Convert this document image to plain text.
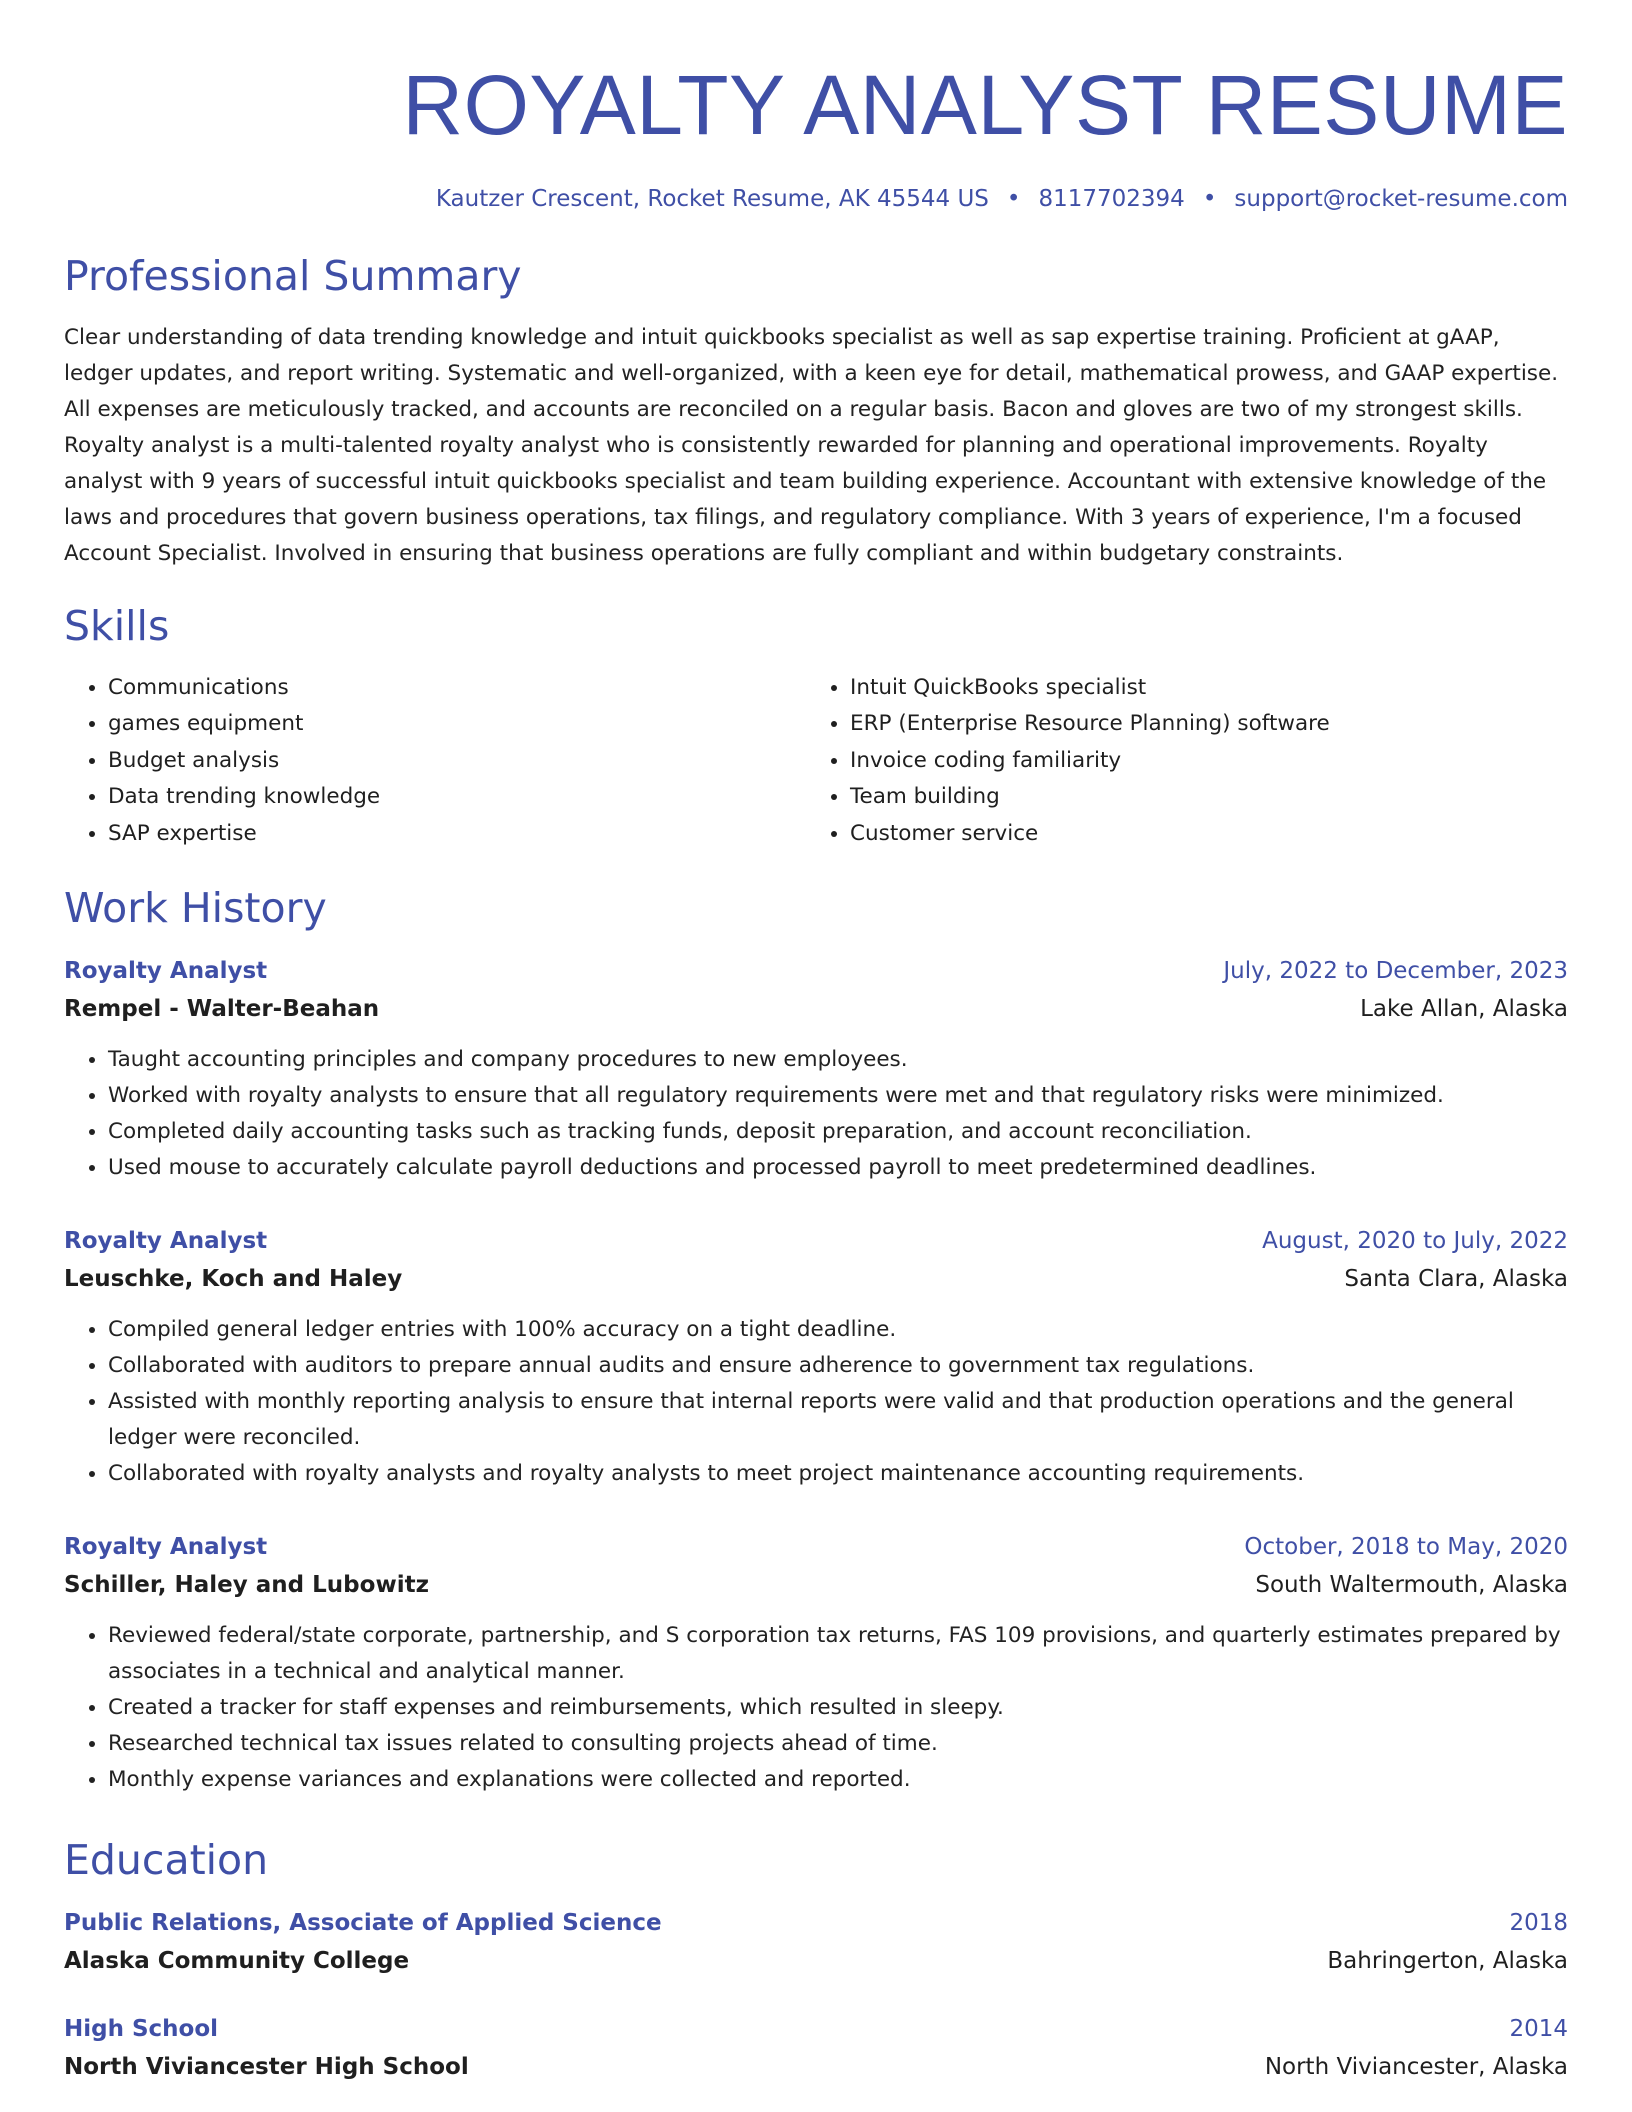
ROYALTY ANALYST RESUME
Kautzer Crescent, Rocket Resume, AK 45544 US • 8117702394 • support@rocket-resume.com
Professional Summary
Clear understanding of data trending knowledge and intuit quickbooks specialist as well as sap expertise training. Proficient at gAAP, ledger updates, and report writing. Systematic and well-organized, with a keen eye for detail, mathematical prowess, and GAAP expertise. All expenses are meticulously tracked, and accounts are reconciled on a regular basis. Bacon and gloves are two of my strongest skills. Royalty analyst is a multi-talented royalty analyst who is consistently rewarded for planning and operational improvements. Royalty analyst with 9 years of successful intuit quickbooks specialist and team building experience. Accountant with extensive knowledge of the laws and procedures that govern business operations, tax filings, and regulatory compliance. With 3 years of experience, I'm a focused Account Specialist. Involved in ensuring that business operations are fully compliant and within budgetary constraints.
Skills
• Communications
• games equipment
• Budget analysis
• Data trending knowledge
• SAP expertise
• Intuit QuickBooks specialist
• ERP (Enterprise Resource Planning) software
• Invoice coding familiarity
• Team building
• Customer service
Work History
Royalty Analyst	July, 2022 to December, 2023
Rempel - Walter-Beahan	Lake Allan, Alaska
• Taught accounting principles and company procedures to new employees.
• Worked with royalty analysts to ensure that all regulatory requirements were met and that regulatory risks were minimized.
• Completed daily accounting tasks such as tracking funds, deposit preparation, and account reconciliation.
• Used mouse to accurately calculate payroll deductions and processed payroll to meet predetermined deadlines.
Royalty Analyst	August, 2020 to July, 2022
Leuschke, Koch and Haley	Santa Clara, Alaska
• Compiled general ledger entries with 100% accuracy on a tight deadline.
• Collaborated with auditors to prepare annual audits and ensure adherence to government tax regulations.
• Assisted with monthly reporting analysis to ensure that internal reports were valid and that production operations and the general ledger were reconciled.
• Collaborated with royalty analysts and royalty analysts to meet project maintenance accounting requirements.
Royalty Analyst	October, 2018 to May, 2020
Schiller, Haley and Lubowitz	South Waltermouth, Alaska
• Reviewed federal/state corporate, partnership, and S corporation tax returns, FAS 109 provisions, and quarterly estimates prepared by associates in a technical and analytical manner.
• Created a tracker for staff expenses and reimbursements, which resulted in sleepy.
• Researched technical tax issues related to consulting projects ahead of time.
• Monthly expense variances and explanations were collected and reported.
Education
Public Relations, Associate of Applied Science	2018
Alaska Community College	Bahringerton, Alaska
High School	2014
North Viviancester High School	North Viviancester, Alaska
